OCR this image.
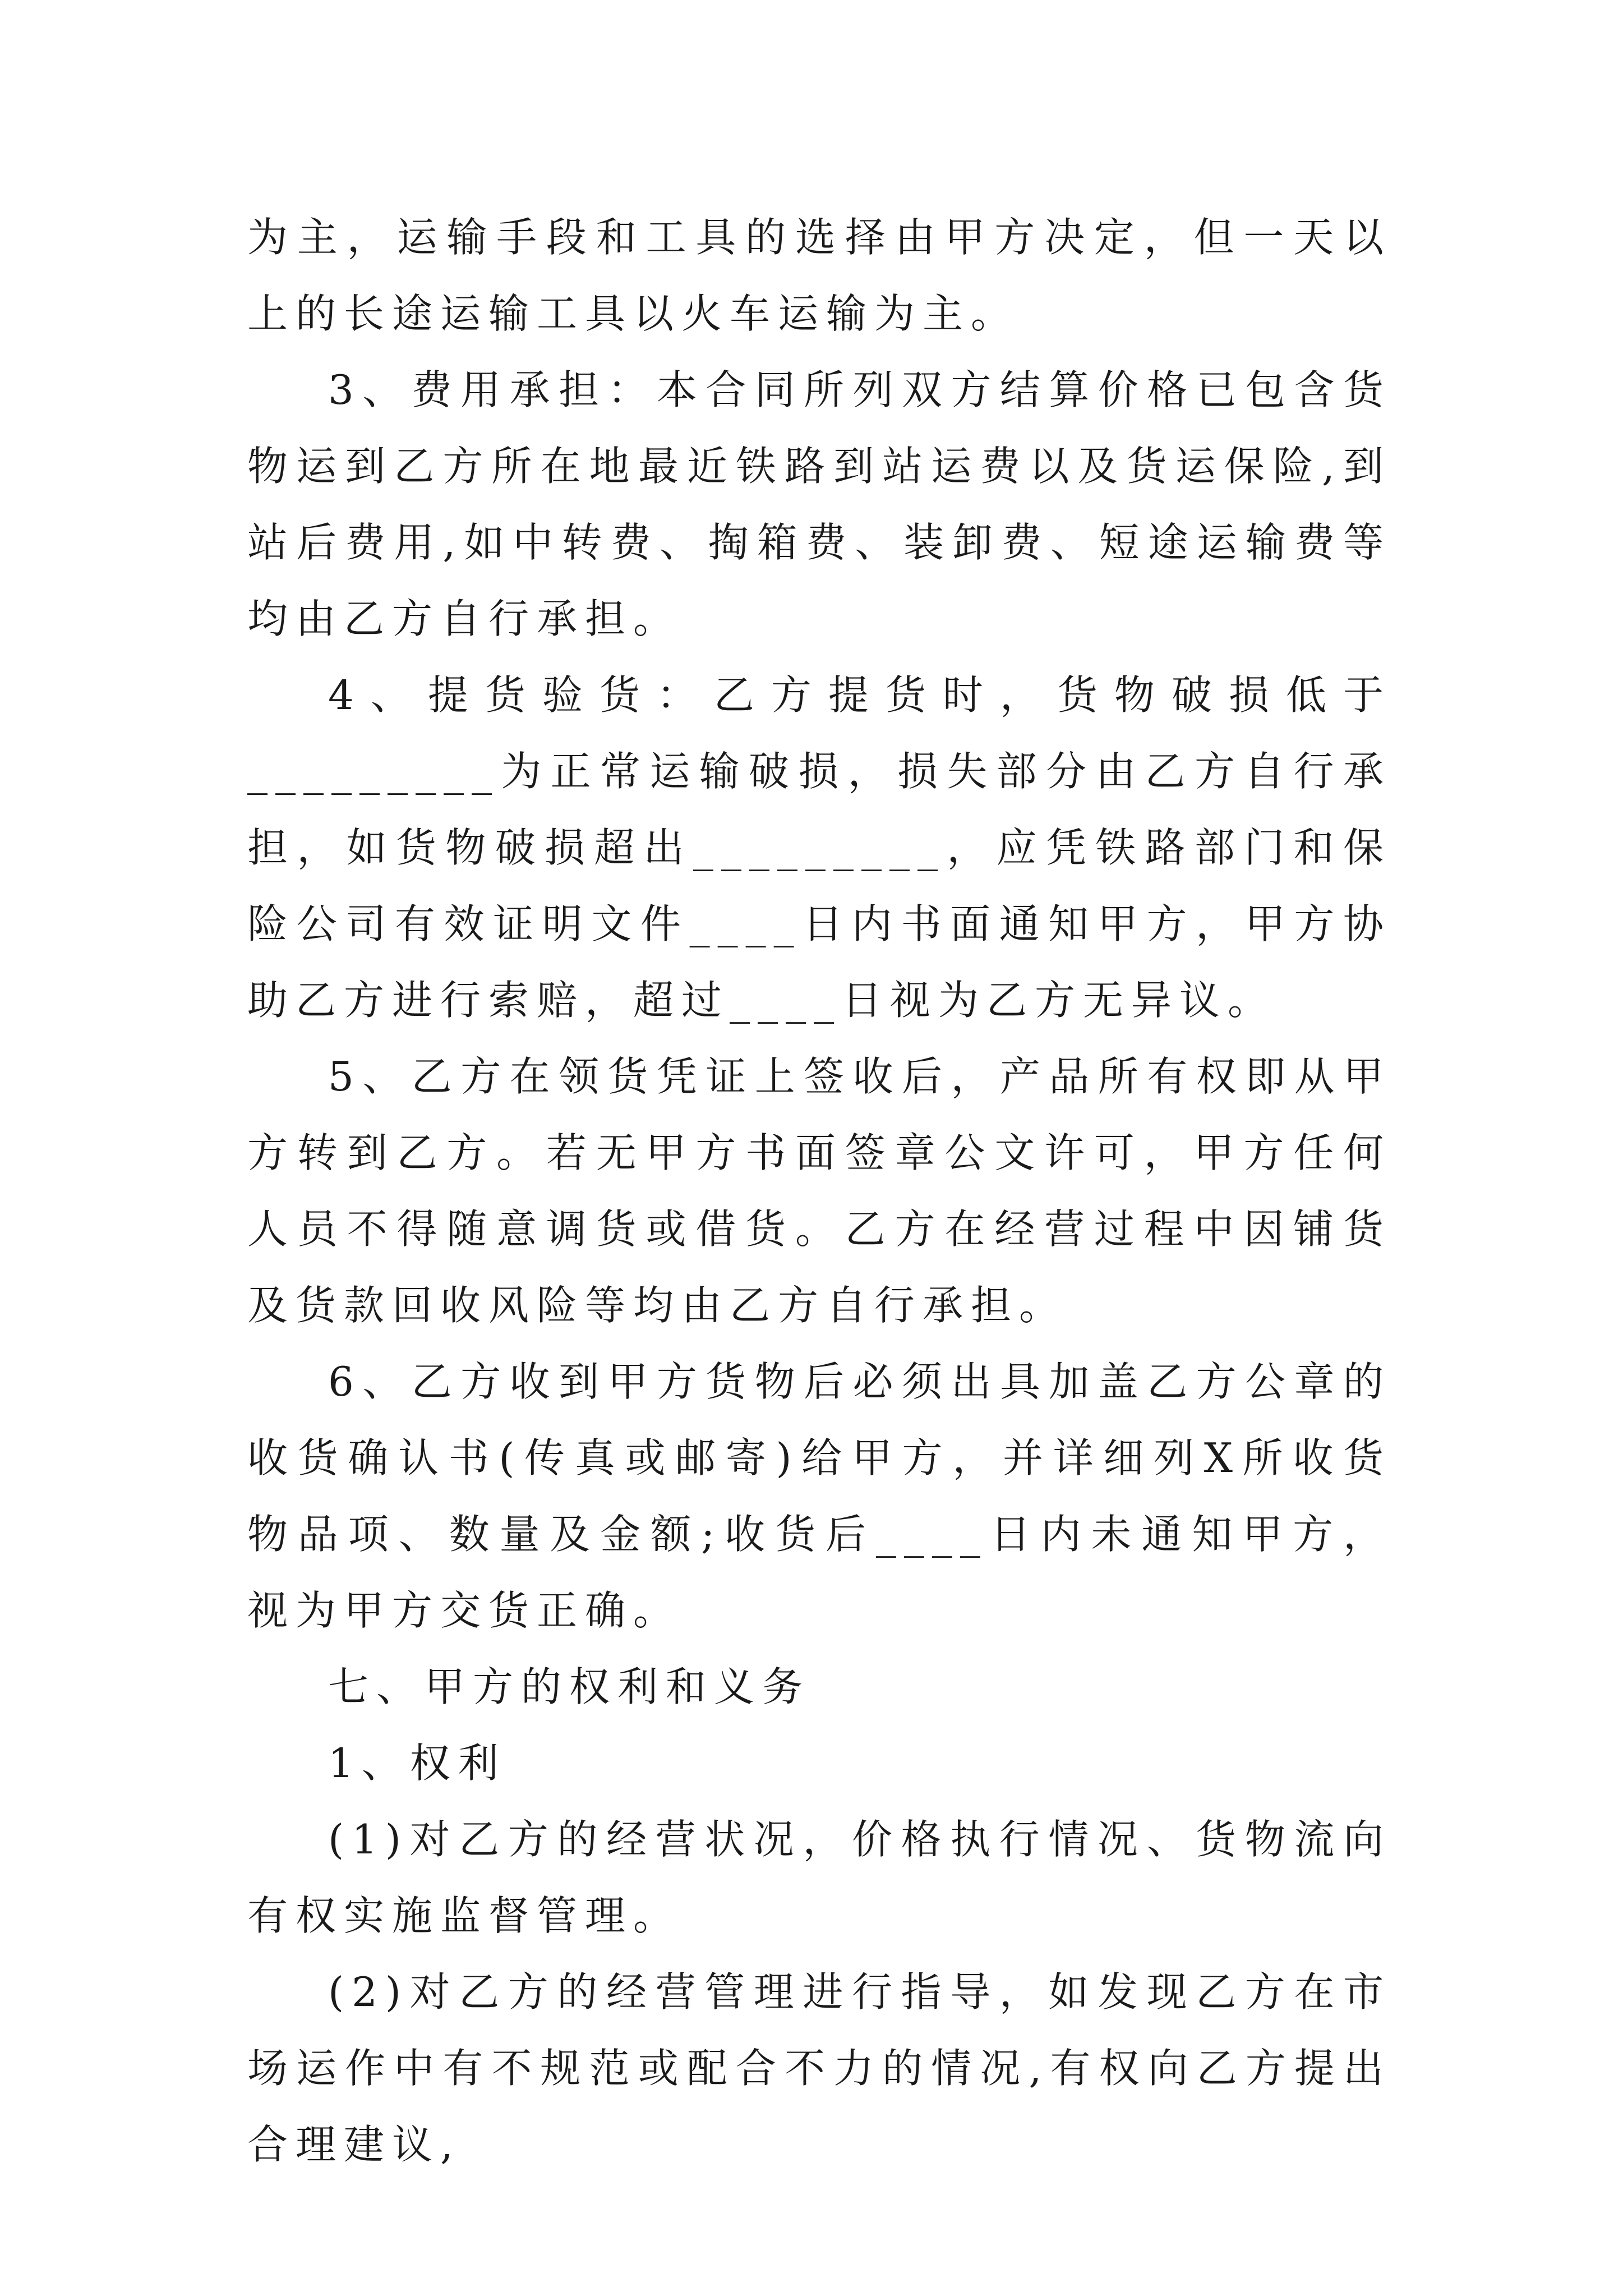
为主，运输手段和工具的选择由甲方决定，但一天以上的长途运输工具以火车运输为主。

3、费用承担：本合同所列双方结算价格已包含货物运到乙方所在地最近铁路到站运费以及货运保险,到站后费用,如中转费、掏箱费、装卸费、短途运输费等均由乙方自行承担。

4、提货验货：乙方提货时，货物破损低于_________为正常运输破损，损失部分由乙方自行承担，如货物破损超出_________，应凭铁路部门和保险公司有效证明文件____日内书面通知甲方，甲方协助乙方进行索赔，超过____日视为乙方无异议。

5、乙方在领货凭证上签收后，产品所有权即从甲方转到乙方。若无甲方书面签章公文许可，甲方任何人员不得随意调货或借货。乙方在经营过程中因铺货及货款回收风险等均由乙方自行承担。

6、乙方收到甲方货物后必须出具加盖乙方公章的收货确认书(传真或邮寄)给甲方，并详细列X所收货物品项、数量及金额;收货后____日内未通知甲方，视为甲方交货正确。

七、甲方的权利和义务

1、权利

(1)对乙方的经营状况，价格执行情况、货物流向有权实施监督管理。

(2)对乙方的经营管理进行指导，如发现乙方在市场运作中有不规范或配合不力的情况,有权向乙方提出合理建议,
